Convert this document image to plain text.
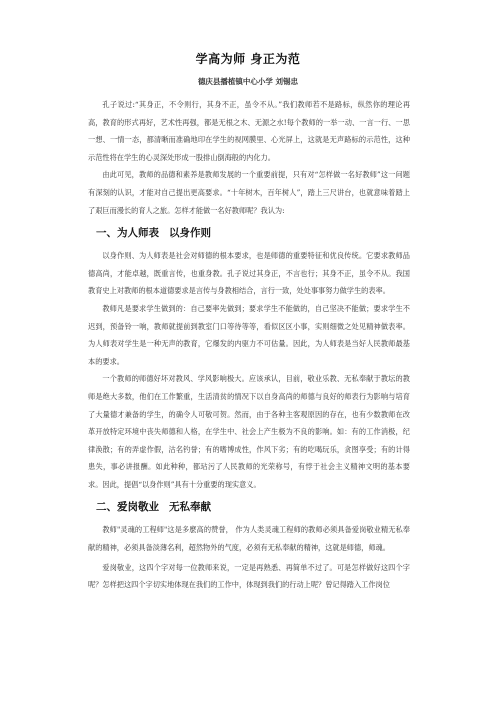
学高为师 身正为范
德庆县播植镇中心小学 刘锡忠

孔子说过:“其身正，不令则行，其身不正，虽令不从。”我们教师若不是路标，纵然你的理论再高，教育的形式再好，艺术性再强，都是无根之木、无源之水!每个教师的一举一动、一言一行、一思一想、一情一态，都清晰而准确地印在学生的视网膜里、心光屏上，这就是无声路标的示范性，这种示范性将在学生的心灵深处形成一股排山倒海般的内化力。

由此可见，教师的品德和素养是教师发展的一个重要前提，只有对“怎样做一名好教师”这一问题有深刻的认识，才能对自己提出更高要求。“十年树木，百年树人”，踏上三尺讲台，也就意味着踏上了艰巨而漫长的育人之旅。怎样才能做一名好教师呢？我认为:

一、为人师表 以身作则

以身作则、为人师表是社会对师德的根本要求，也是师德的重要特征和优良传统。它要求教师品德高尚，才能卓越，既重言传，也重身教。孔子说过其身正，不言也行；其身不正，虽令不从。我国教育史上对教师的根本道德要求是言传与身教相结合，言行一致，处处事事努力做学生的表率。

教师凡是要求学生做到的：自己要率先做到；要求学生不能做的，自己坚决不能做；要求学生不迟到，预备铃一响，教师就提前到教室门口等待等等，看似区区小事，实则细微之处见精神做表率。为人师表对学生是一种无声的教育，它爆发的内驱力不可估量。因此，为人师表是当好人民教师最基本的要求。

一个教师的师德好坏对教风、学风影响极大。应该承认，目前，敬业乐教、无私奉献于教坛的教师是绝大多数，他们在工作繁重，生活清贫的情况下以自身高尚的师德与良好的师表行为影响与培育了大量德才兼备的学生，的确令人可敬可贺。然而，由于各种主客观原因的存在，也有少数教师在改革开放特定环境中丧失师德和人格，在学生中、社会上产生极为不良的影响。如：有的工作消极，纪律涣散；有的弄虚作假，沽名钓誉；有的嗜博成性，作风下劣；有的吃喝玩乐，贪图享受；有的计得患失，事必讲报酬。如此种种，都玷污了人民教师的光荣称号，有悖于社会主义精神文明的基本要求。因此，提倡“以身作则”具有十分重要的现实意义。

二、爱岗敬业 无私奉献

教师"灵魂的工程师"这是多麽高的赞誉， 作为人类灵魂工程师的教师必须具备爱岗敬业精无私奉献的精神，必须具备淡薄名利，超然物外的气度，必须有无私奉献的精神，这就是师德，师魂。

爱岗敬业，这四个字对每一位教师来说，一定是再熟悉、再简单不过了。可是怎样做好这四个字呢？怎样把这四个字切实地体现在我们的工作中，体现到我们的行动上呢？曾记得踏入工作岗位
